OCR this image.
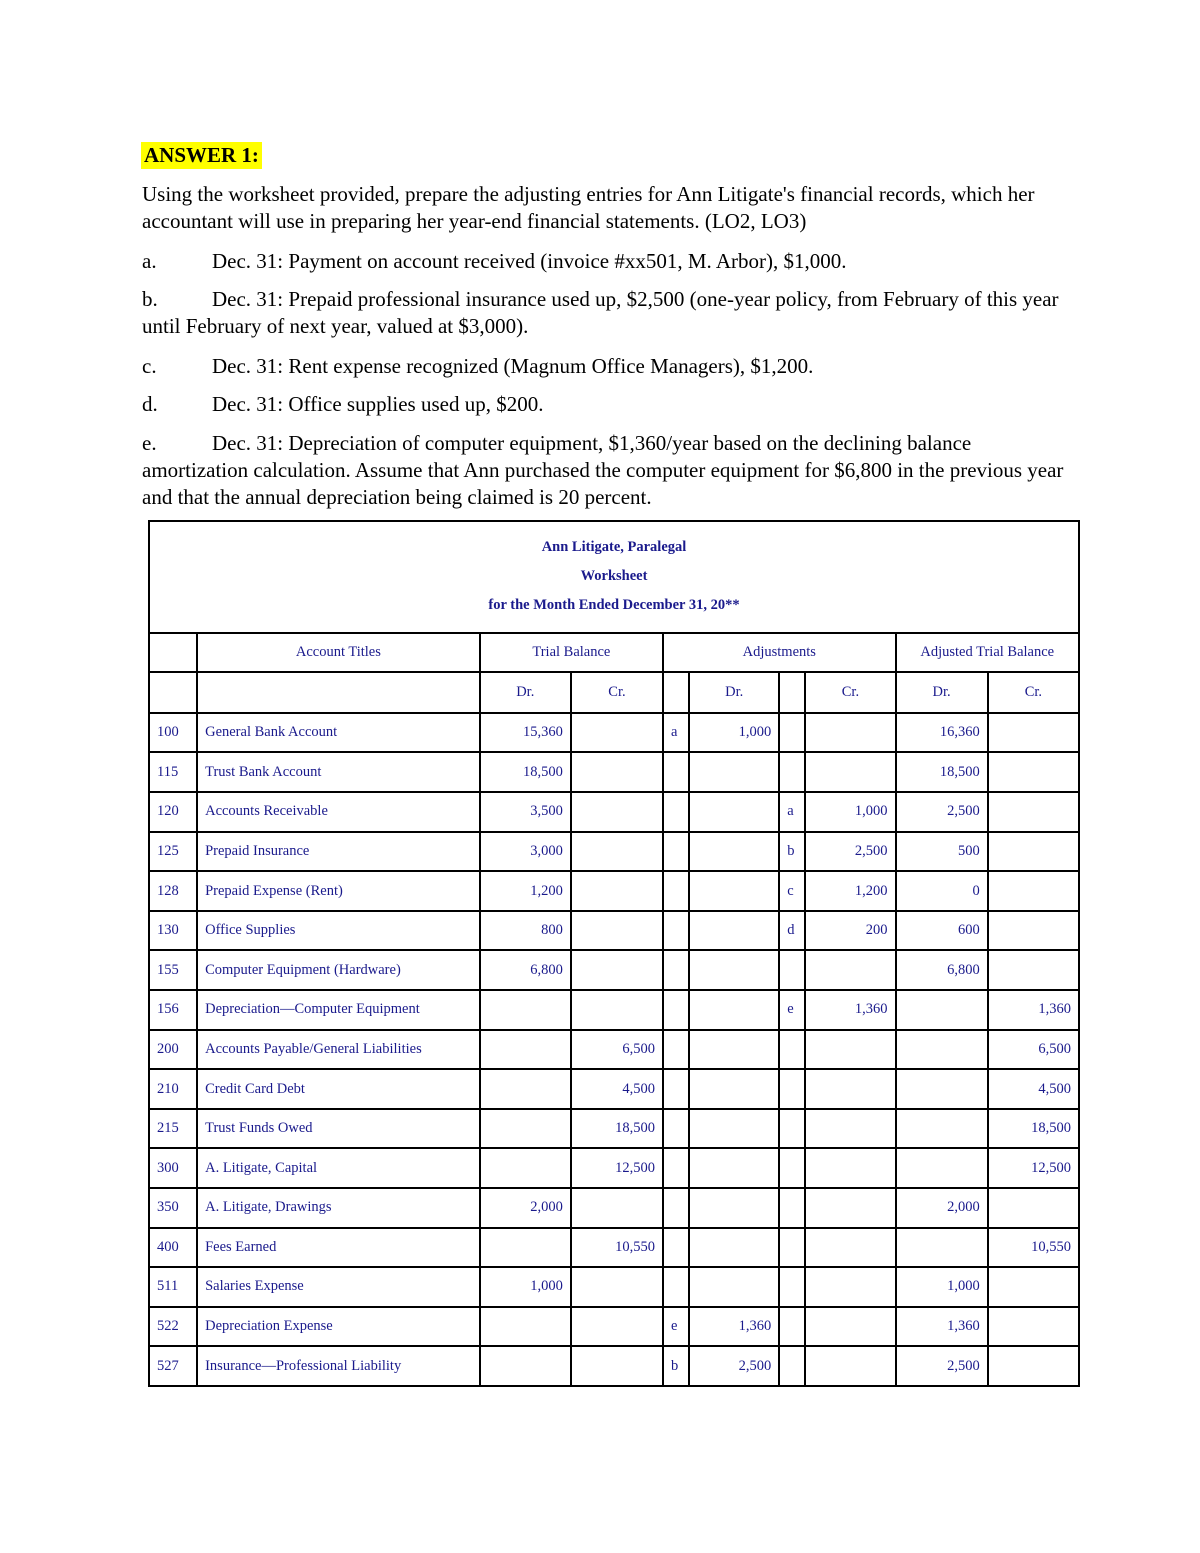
ANSWER 1:
Using the worksheet provided, prepare the adjusting entries for Ann Litigate's financial records, which her accountant will use in preparing her year-end financial statements. (LO2, LO3)
a.	Dec. 31: Payment on account received (invoice #xx501, M. Arbor), $1,000.
b.	Dec. 31: Prepaid professional insurance used up, $2,500 (one-year policy, from February of this year until February of next year, valued at $3,000).
c.	Dec. 31: Rent expense recognized (Magnum Office Managers), $1,200.
d.	Dec. 31: Office supplies used up, $200.
e.	Dec. 31: Depreciation of computer equipment, $1,360/year based on the declining balance amortization calculation. Assume that Ann purchased the computer equipment for $6,800 in the previous year and that the annual depreciation being claimed is 20 percent.
Ann Litigate, Paralegal
Worksheet
for the Month Ended December 31, 20**									

	Account Titles	Trial Balance		Adjustments				Adjusted Trial Balance	
		Dr.	Cr.		Dr.		Cr.	Dr.	Cr.
100	General Bank Account	15,360		a	1,000			16,360	
115	Trust Bank Account	18,500						18,500	
120	Accounts Receivable	3,500				a	1,000	2,500	
125	Prepaid Insurance	3,000				b	2,500	500	
128	Prepaid Expense (Rent)	1,200				c	1,200	0	
130	Office Supplies	800				d	200	600	
155	Computer Equipment (Hardware)	6,800						6,800	
156	Depreciation—Computer Equipment					e	1,360		1,360
200	Accounts Payable/General Liabilities		6,500						6,500
210	Credit Card Debt		4,500						4,500
215	Trust Funds Owed		18,500						18,500
300	A. Litigate, Capital		12,500						12,500
350	A. Litigate, Drawings	2,000						2,000	
400	Fees Earned		10,550						10,550
511	Salaries Expense	1,000						1,000	
522	Depreciation Expense			e	1,360			1,360	
527	Insurance—Professional Liability			b	2,500			2,500	
